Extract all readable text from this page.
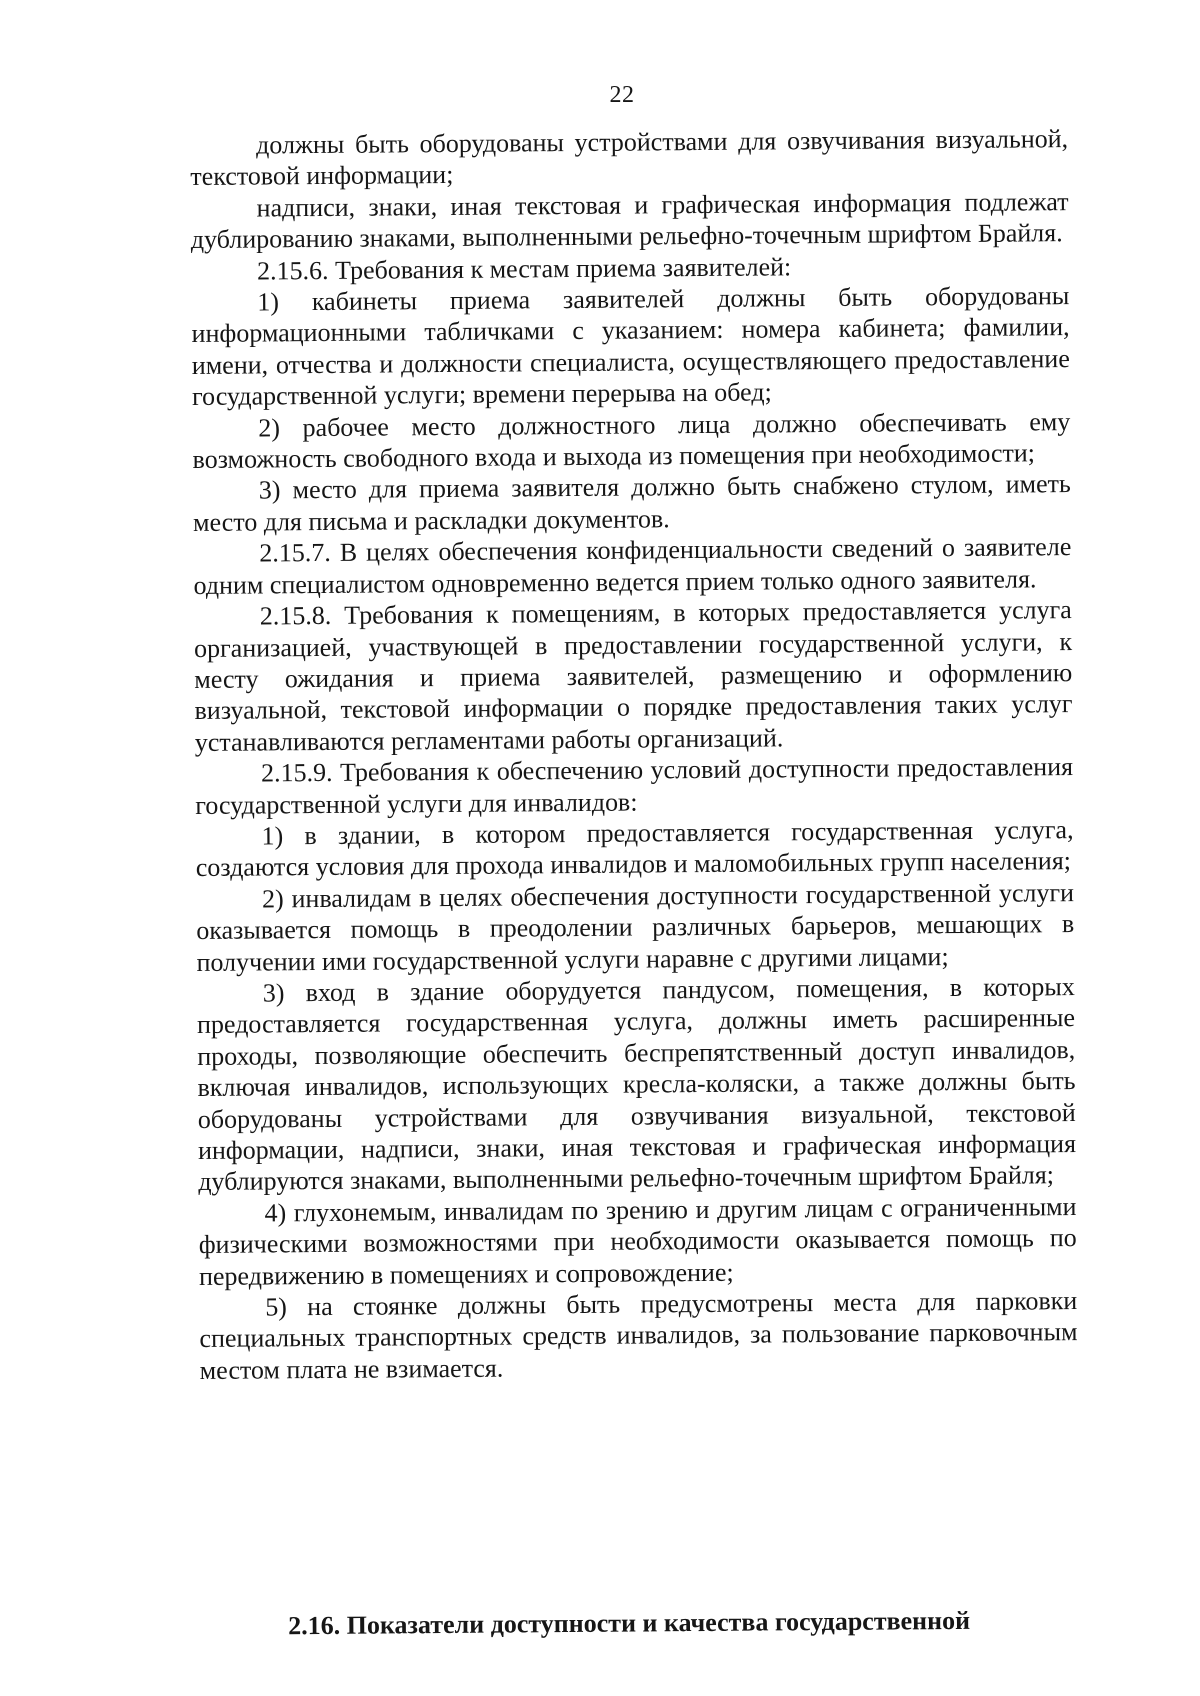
22

должны быть оборудованы устройствами для озвучивания визуальной, текстовой информации;

надписи, знаки, иная текстовая и графическая информация подлежат дублированию знаками, выполненными рельефно-точечным шрифтом Брайля.

2.15.6. Требования к местам приема заявителей:

1) кабинеты приема заявителей должны быть оборудованы информационными табличками с указанием: номера кабинета; фамилии, имени, отчества и должности специалиста, осуществляющего предоставление государственной услуги; времени перерыва на обед;

2) рабочее место должностного лица должно обеспечивать ему возможность свободного входа и выхода из помещения при необходимости;

3) место для приема заявителя должно быть снабжено стулом, иметь место для письма и раскладки документов.

2.15.7. В целях обеспечения конфиденциальности сведений о заявителе одним специалистом одновременно ведется прием только одного заявителя.

2.15.8. Требования к помещениям, в которых предоставляется услуга организацией, участвующей в предоставлении государственной услуги, к месту ожидания и приема заявителей, размещению и оформлению визуальной, текстовой информации о порядке предоставления таких услуг устанавливаются регламентами работы организаций.

2.15.9. Требования к обеспечению условий доступности предоставления государственной услуги для инвалидов:

1) в здании, в котором предоставляется государственная услуга, создаются условия для прохода инвалидов и маломобильных групп населения;

2) инвалидам в целях обеспечения доступности государственной услуги оказывается помощь в преодолении различных барьеров, мешающих в получении ими государственной услуги наравне с другими лицами;

3) вход в здание оборудуется пандусом, помещения, в которых предоставляется государственная услуга, должны иметь расширенные проходы, позволяющие обеспечить беспрепятственный доступ инвалидов, включая инвалидов, использующих кресла-коляски, а также должны быть оборудованы устройствами для озвучивания визуальной, текстовой информации, надписи, знаки, иная текстовая и графическая информация дублируются знаками, выполненными рельефно-точечным шрифтом Брайля;

4) глухонемым, инвалидам по зрению и другим лицам с ограниченными физическими возможностями при необходимости оказывается помощь по передвижению в помещениях и сопровождение;

5) на стоянке должны быть предусмотрены места для парковки специальных транспортных средств инвалидов, за пользование парковочным местом плата не взимается.

2.16. Показатели доступности и качества государственной
